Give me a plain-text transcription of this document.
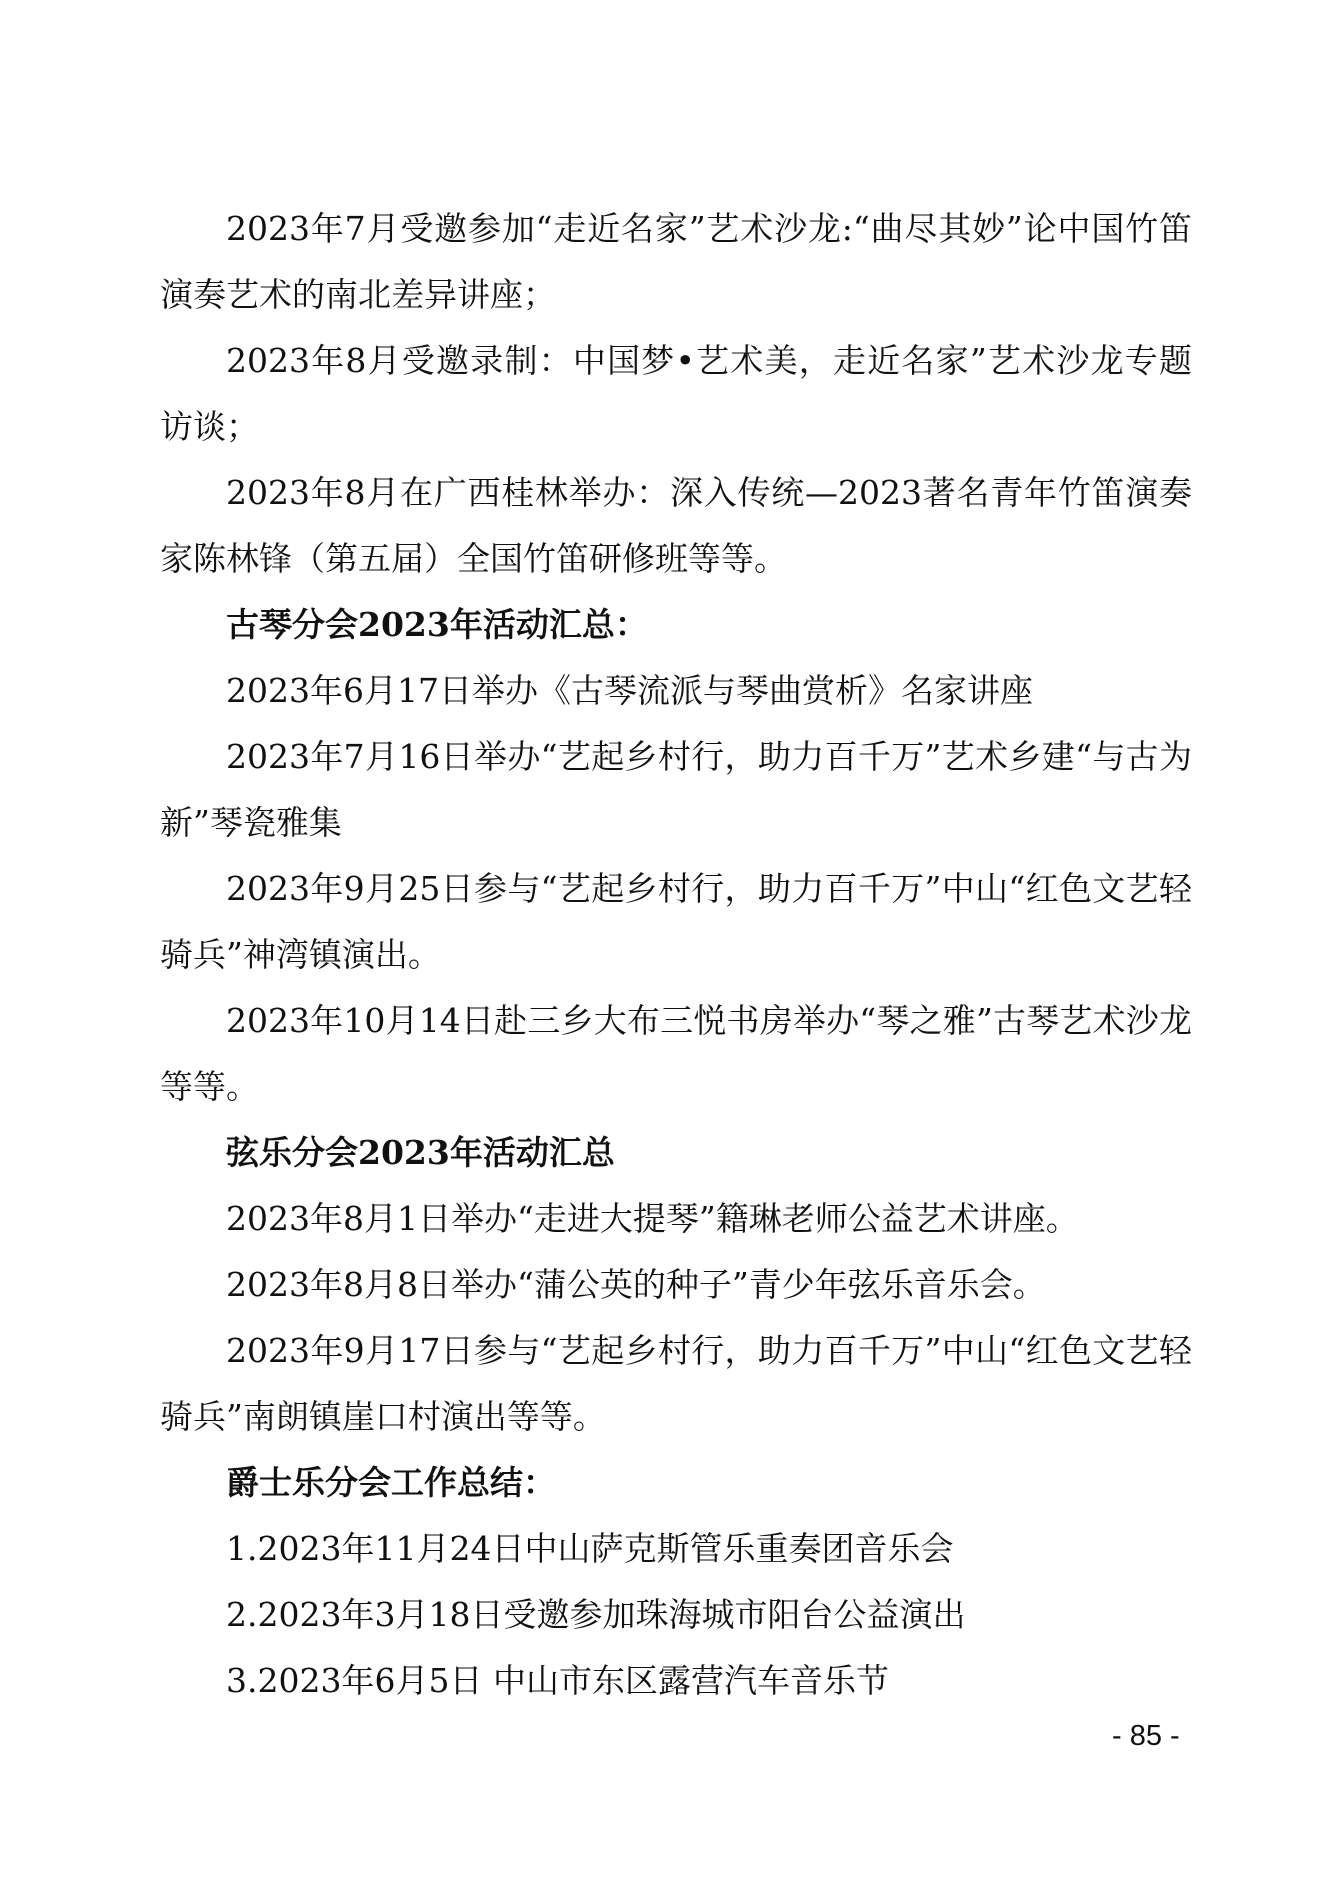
2023年7月受邀参加“走近名家”艺术沙龙:“曲尽其妙”论中国竹笛演奏艺术的南北差异讲座；

2023年8月受邀录制：中国梦•艺术美，走近名家”艺术沙龙专题访谈；

2023年8月在广西桂林举办：深入传统—2023著名青年竹笛演奏家陈林锋（第五届）全国竹笛研修班等等。

古琴分会2023年活动汇总：

2023年6月17日举办《古琴流派与琴曲赏析》名家讲座

2023年7月16日举办“艺起乡村行，助力百千万”艺术乡建“与古为新”琴瓷雅集

2023年9月25日参与“艺起乡村行，助力百千万”中山“红色文艺轻骑兵”神湾镇演出。

2023年10月14日赴三乡大布三悦书房举办“琴之雅”古琴艺术沙龙等等。

弦乐分会2023年活动汇总

2023年8月1日举办“走进大提琴”籍琳老师公益艺术讲座。

2023年8月8日举办“蒲公英的种子”青少年弦乐音乐会。

2023年9月17日参与“艺起乡村行，助力百千万”中山“红色文艺轻骑兵”南朗镇崖口村演出等等。

爵士乐分会工作总结：

1.2023年11月24日中山萨克斯管乐重奏团音乐会

2.2023年3月18日受邀参加珠海城市阳台公益演出

3.2023年6月5日 中山市东区露营汽车音乐节

- 85 -
